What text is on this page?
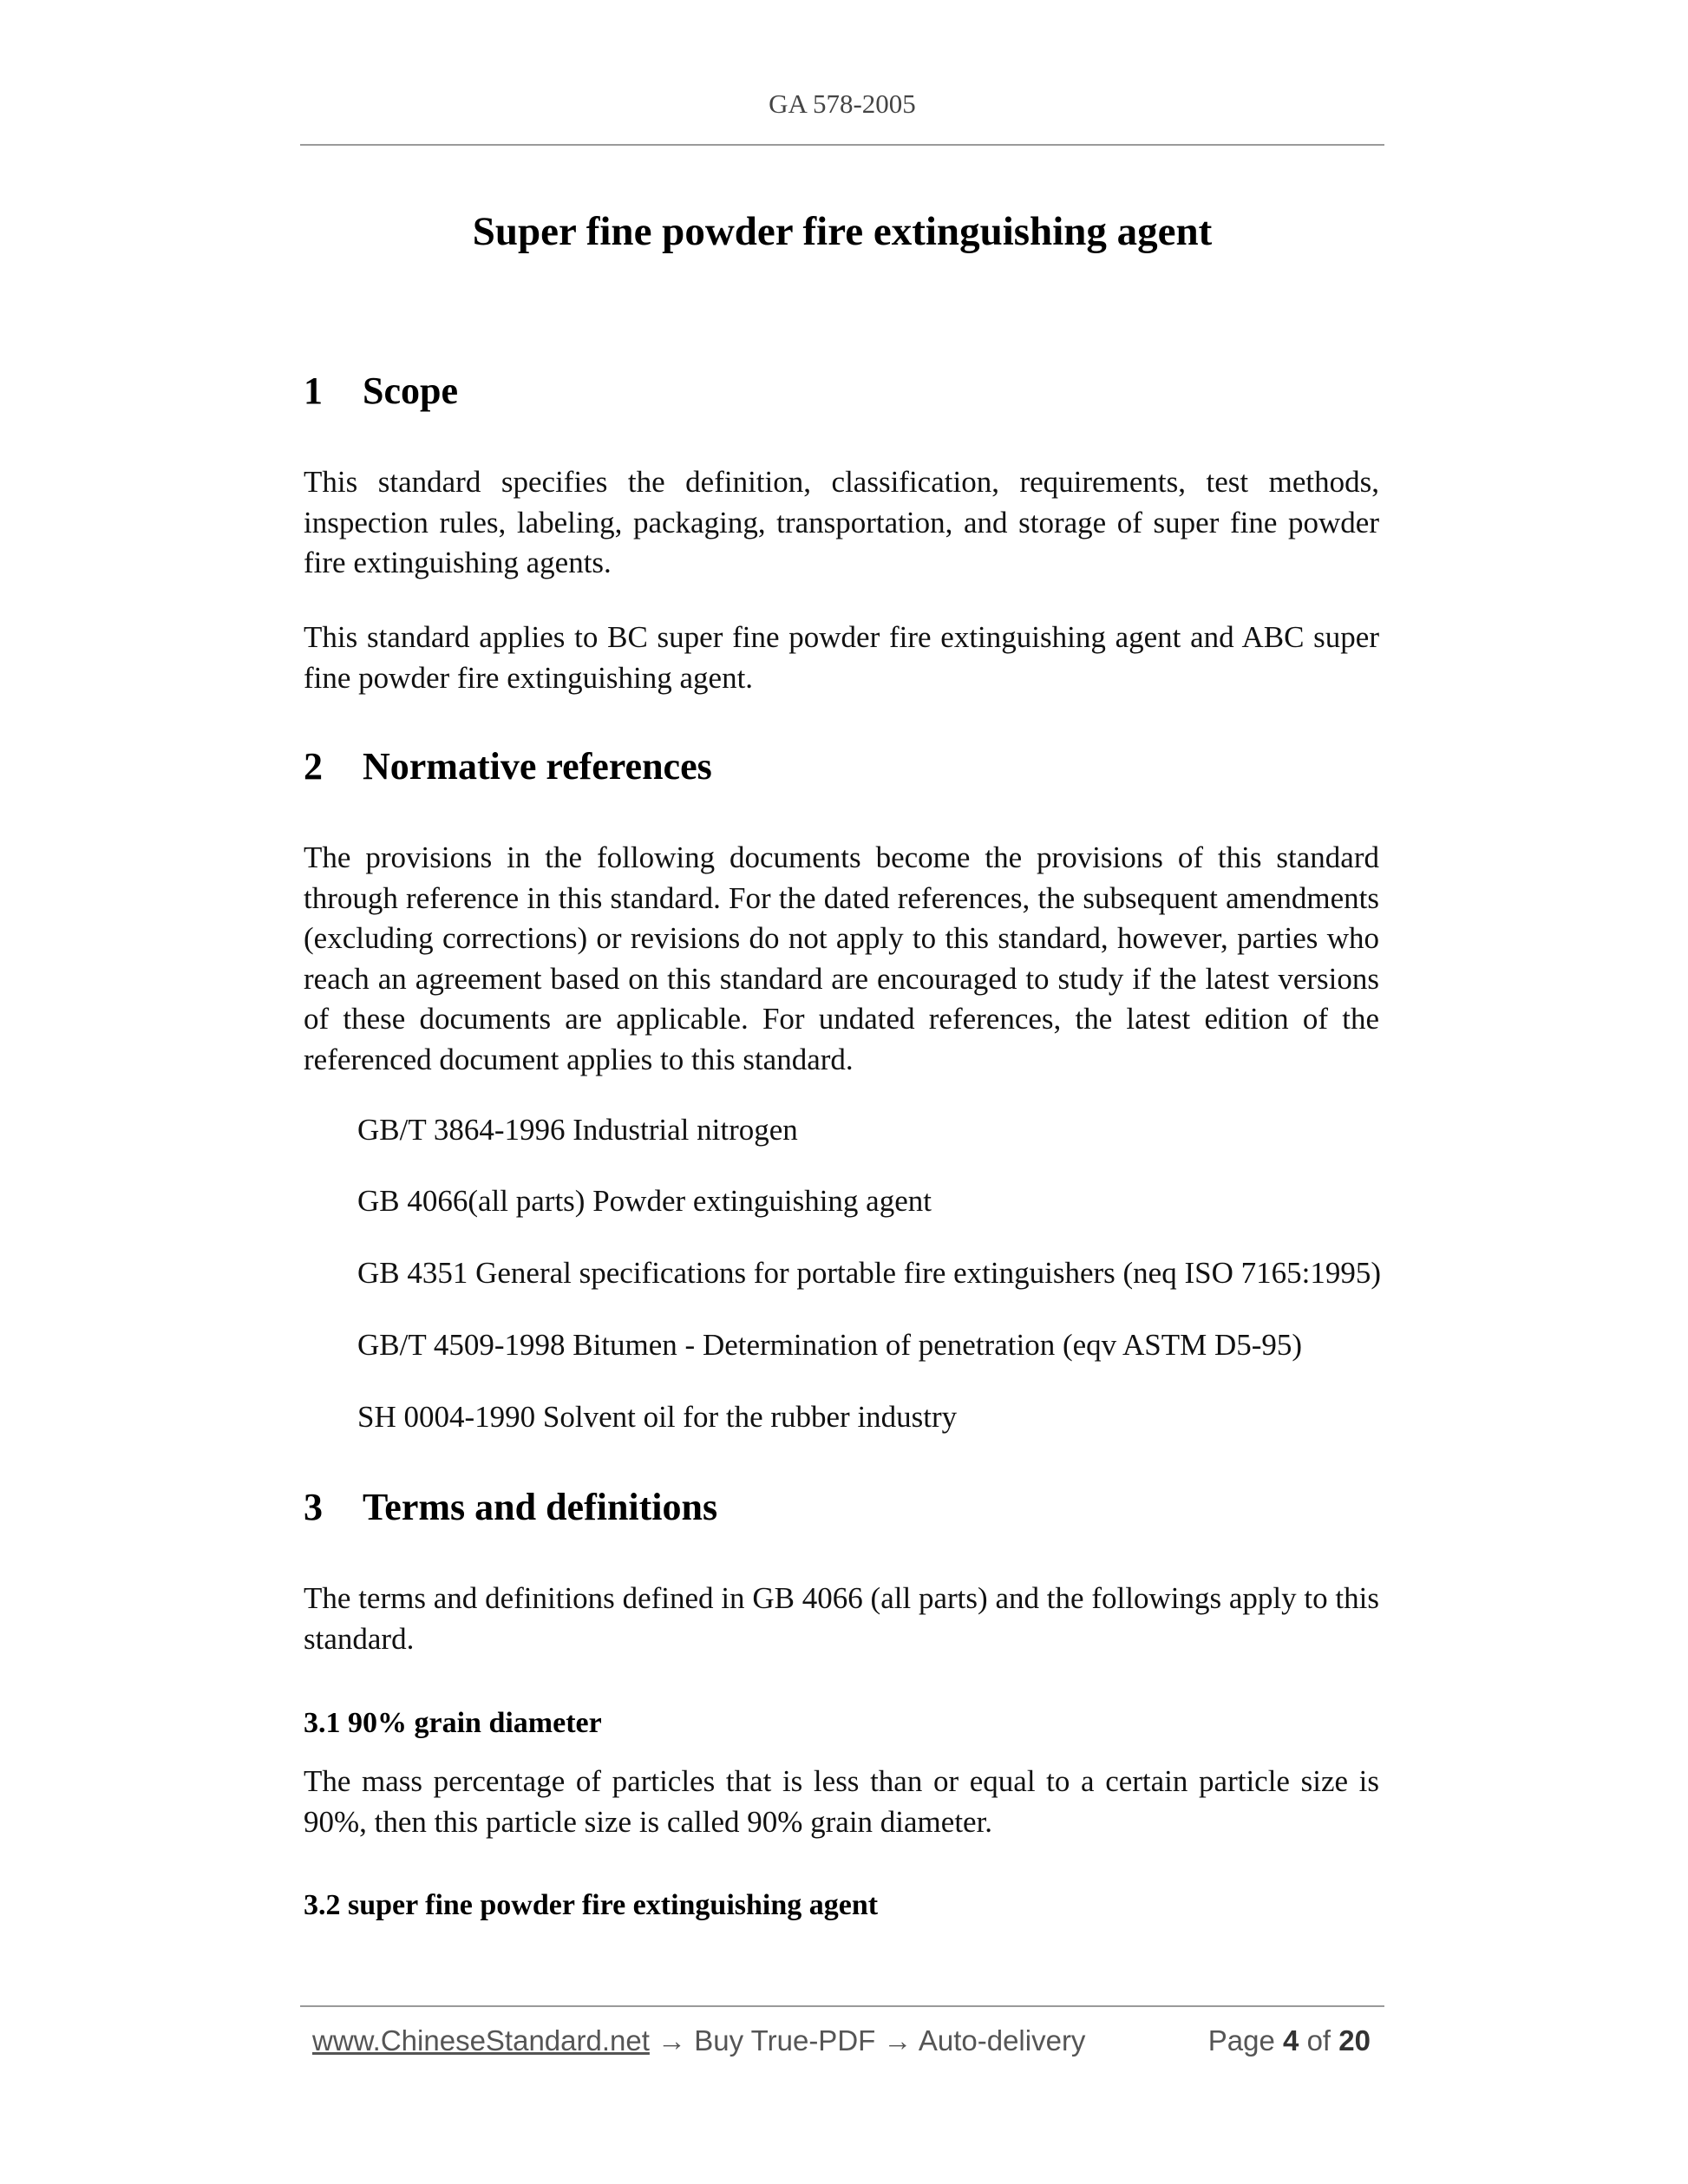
GA 578-2005
Super fine powder fire extinguishing agent
1 Scope
This standard specifies the definition, classification, requirements, test methods, inspection rules, labeling, packaging, transportation, and storage of super fine powder fire extinguishing agents.
This standard applies to BC super fine powder fire extinguishing agent and ABC super fine powder fire extinguishing agent.
2 Normative references
The provisions in the following documents become the provisions of this standard through reference in this standard. For the dated references, the subsequent amendments (excluding corrections) or revisions do not apply to this standard, however, parties who reach an agreement based on this standard are encouraged to study if the latest versions of these documents are applicable. For undated references, the latest edition of the referenced document applies to this standard.
GB/T 3864-1996 Industrial nitrogen
GB 4066(all parts) Powder extinguishing agent
GB 4351 General specifications for portable fire extinguishers (neq ISO 7165:1995)
GB/T 4509-1998 Bitumen - Determination of penetration (eqv ASTM D5-95)
SH 0004-1990 Solvent oil for the rubber industry
3 Terms and definitions
The terms and definitions defined in GB 4066 (all parts) and the followings apply to this standard.
3.1 90% grain diameter
The mass percentage of particles that is less than or equal to a certain particle size is 90%, then this particle size is called 90% grain diameter.
3.2 super fine powder fire extinguishing agent
www.ChineseStandard.net → Buy True-PDF → Auto-delivery	Page 4 of 20
